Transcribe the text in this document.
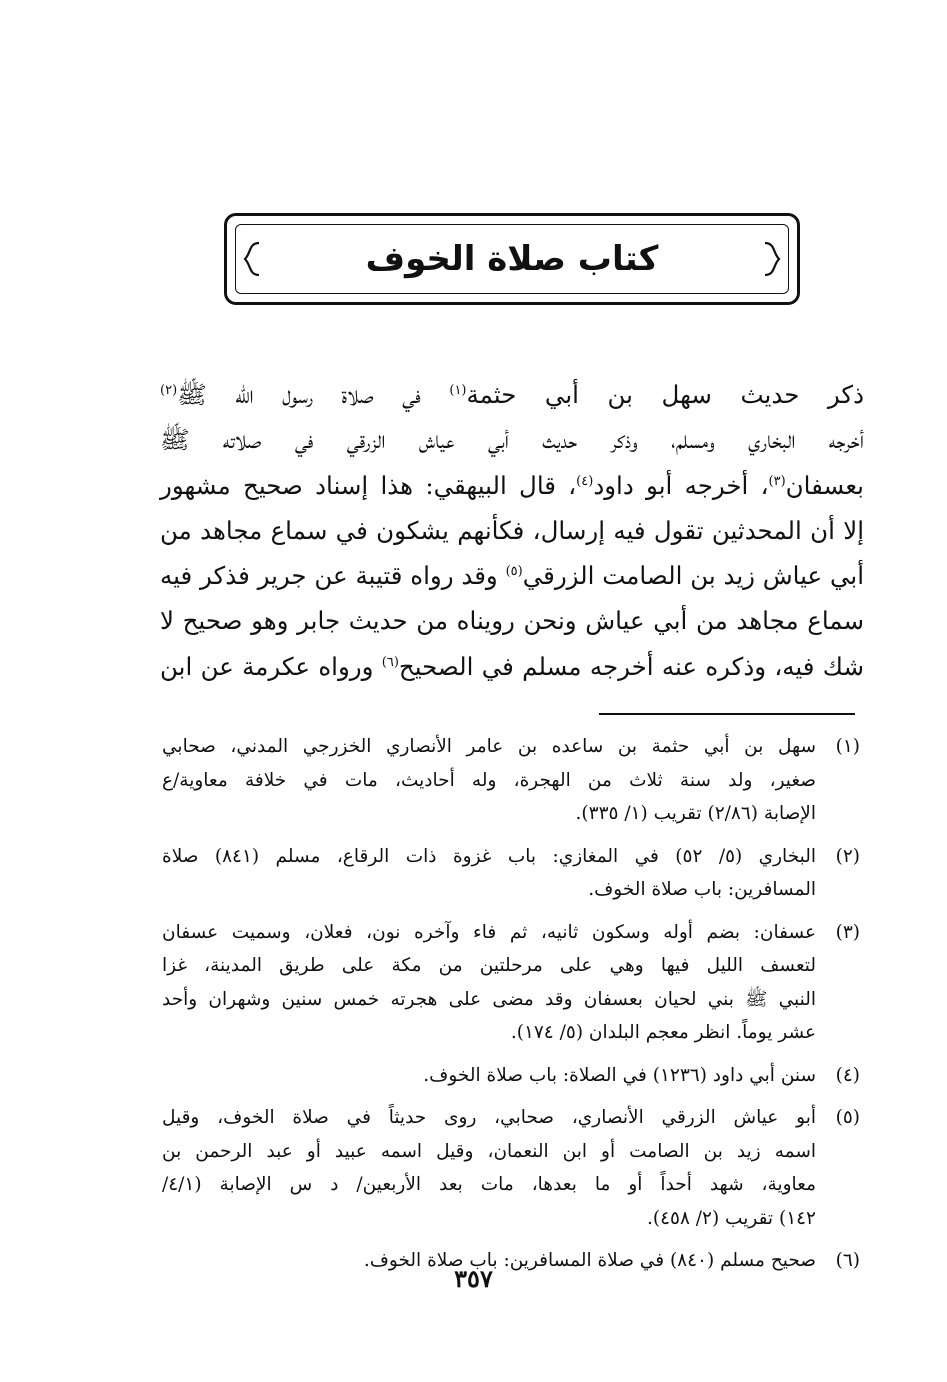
كتاب صلاة الخوف
ذكر حديث سهل بن أبي حثمة$^{(١)}$ في صلاة رسول الله ﷺ$^{(٢)}$
أخرجه البخاري ومسلم، وذكر حديث أبي عياش الزرقي في صلاته ﷺ
بعسفان$^{(٣)}$، أخرجه أبو داود$^{(٤)}$، قال البيهقي: هذا إسناد صحيح مشهور
إلا أن المحدثين تقول فيه إرسال، فكأنهم يشكون في سماع مجاهد من
أبي عياش زيد بن الصامت الزرقي$^{(٥)}$ وقد رواه قتيبة عن جرير فذكر فيه
سماع مجاهد من أبي عياش ونحن رويناه من حديث جابر وهو صحيح لا
شك فيه، وذكره عنه أخرجه مسلم في الصحيح$^{(٦)}$ ورواه عكرمة عن ابن
(١)
سهل بن أبي حثمة بن ساعده بن عامر الأنصاري الخزرجي المدني، صحابي
صغير، ولد سنة ثلاث من الهجرة، وله أحاديث، مات في خلافة معاوية/ع
الإصابة (٢/٨٦) تقريب (١/ ٣٣٥).
(٢)
البخاري (٥/ ٥٢) في المغازي: باب غزوة ذات الرقاع، مسلم (٨٤١) صلاة
المسافرين: باب صلاة الخوف.
(٣)
عسفان: بضم أوله وسكون ثانيه، ثم فاء وآخره نون، فعلان، وسميت عسفان
لتعسف الليل فيها وهي على مرحلتين من مكة على طريق المدينة، غزا
النبي ﷺ بني لحيان بعسفان وقد مضى على هجرته خمس سنين وشهران وأحد
عشر يوماً. انظر معجم البلدان (٥/ ١٧٤).
(٤)
سنن أبي داود (١٢٣٦) في الصلاة: باب صلاة الخوف.
(٥)
أبو عياش الزرقي الأنصاري، صحابي، روى حديثاً في صلاة الخوف، وقيل
اسمه زيد بن الصامت أو ابن النعمان، وقيل اسمه عبيد أو عبد الرحمن بن
معاوية، شهد أحداً أو ما بعدها، مات بعد الأربعين/ د س الإصابة (٤/١/
١٤٢) تقريب (٢/ ٤٥٨).
(٦)
صحيح مسلم (٨٤٠) في صلاة المسافرين: باب صلاة الخوف.
٣٥٧
